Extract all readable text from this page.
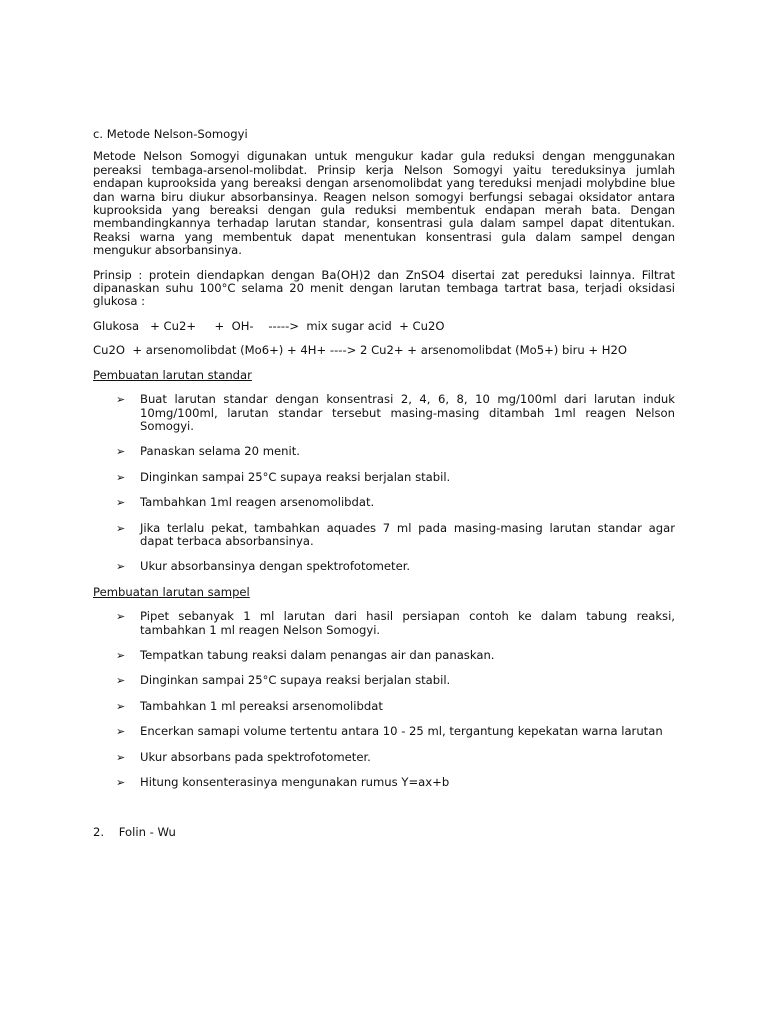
c. Metode Nelson-Somogyi

Metode Nelson Somogyi digunakan untuk mengukur kadar gula reduksi dengan menggunakan pereaksi tembaga-arsenol-molibdat. Prinsip kerja Nelson Somogyi yaitu tereduksinya jumlah endapan kuprooksida yang bereaksi dengan arsenomolibdat yang tereduksi menjadi molybdine blue dan warna biru diukur absorbansinya. Reagen nelson somogyi berfungsi sebagai oksidator antara kuprooksida yang bereaksi dengan gula reduksi membentuk endapan merah bata. Dengan membandingkannya terhadap larutan standar, konsentrasi gula dalam sampel dapat ditentukan. Reaksi warna yang membentuk dapat menentukan konsentrasi gula dalam sampel dengan mengukur absorbansinya.

Prinsip : protein diendapkan dengan Ba(OH)2 dan ZnSO4 disertai zat pereduksi lainnya. Filtrat dipanaskan suhu 100°C selama 20 menit dengan larutan tembaga tartrat basa, terjadi oksidasi glukosa :

Glukosa   + Cu2+     +  OH-    ----->  mix sugar acid  + Cu2O

Cu2O  + arsenomolibdat (Mo6+) + 4H+ ----> 2 Cu2+ + arsenomolibdat (Mo5+) biru + H2O

Pembuatan larutan standar

➢ Buat larutan standar dengan konsentrasi 2, 4, 6, 8, 10 mg/100ml dari larutan induk 10mg/100ml, larutan standar tersebut masing-masing ditambah 1ml reagen Nelson Somogyi.
➢ Panaskan selama 20 menit.
➢ Dinginkan sampai 25°C supaya reaksi berjalan stabil.
➢ Tambahkan 1ml reagen arsenomolibdat.
➢ Jika terlalu pekat, tambahkan aquades 7 ml pada masing-masing larutan standar agar dapat terbaca absorbansinya.
➢ Ukur absorbansinya dengan spektrofotometer.

Pembuatan larutan sampel

➢ Pipet sebanyak 1 ml larutan dari hasil persiapan contoh ke dalam tabung reaksi, tambahkan 1 ml reagen Nelson Somogyi.
➢ Tempatkan tabung reaksi dalam penangas air dan panaskan.
➢ Dinginkan sampai 25°C supaya reaksi berjalan stabil.
➢ Tambahkan 1 ml pereaksi arsenomolibdat
➢ Encerkan samapi volume tertentu antara 10 - 25 ml, tergantung kepekatan warna larutan
➢ Ukur absorbans pada spektrofotometer.
➢ Hitung konsenterasinya mengunakan rumus Y=ax+b

2.    Folin - Wu
